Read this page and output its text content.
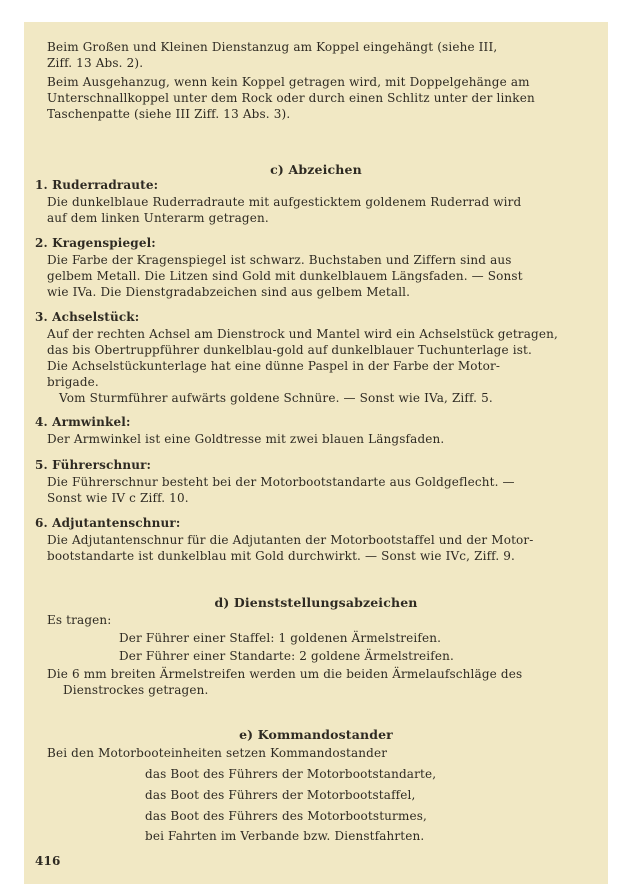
Beim Großen und Kleinen Dienstanzug am Koppel eingehängt (siehe III,
Ziff. 13 Abs. 2).
Beim Ausgehanzug, wenn kein Koppel getragen wird, mit Doppelgehänge am
Unterschnallkoppel unter dem Rock oder durch einen Schlitz unter der linken
Taschenpatte (siehe III Ziff. 13 Abs. 3).
c) Abzeichen
1. Ruderradraute:
Die dunkelblaue Ruderradraute mit aufgesticktem goldenem Ruderrad wird
auf dem linken Unterarm getragen.
2. Kragenspiegel:
Die Farbe der Kragenspiegel ist schwarz. Buchstaben und Ziffern sind aus
gelbem Metall. Die Litzen sind Gold mit dunkelblauem Längsfaden. — Sonst
wie IVa. Die Dienstgradabzeichen sind aus gelbem Metall.
3. Achselstück:
Auf der rechten Achsel am Dienstrock und Mantel wird ein Achselstück getragen,
das bis Obertruppführer dunkelblau-gold auf dunkelblauer Tuchunterlage ist.
Die Achselstückunterlage hat eine dünne Paspel in der Farbe der Motor-
brigade.
Vom Sturmführer aufwärts goldene Schnüre. — Sonst wie IVa, Ziff. 5.
4. Armwinkel:
Der Armwinkel ist eine Goldtresse mit zwei blauen Längsfaden.
5. Führerschnur:
Die Führerschnur besteht bei der Motorbootstandarte aus Goldgeflecht. —
Sonst wie IV c Ziff. 10.
6. Adjutantenschnur:
Die Adjutantenschnur für die Adjutanten der Motorbootstaffel und der Motor-
bootstandarte ist dunkelblau mit Gold durchwirkt. — Sonst wie IVc, Ziff. 9.
d) Dienststellungsabzeichen
Es tragen:
Der Führer einer Staffel: 1 goldenen Ärmelstreifen.
Der Führer einer Standarte: 2 goldene Ärmelstreifen.
Die 6 mm breiten Ärmelstreifen werden um die beiden Ärmelaufschläge des
Dienstrockes getragen.
e) Kommandostander
Bei den Motorbooteinheiten setzen Kommandostander
das Boot des Führers der Motorbootstandarte,
das Boot des Führers der Motorbootstaffel,
das Boot des Führers des Motorbootsturmes,
bei Fahrten im Verbande bzw. Dienstfahrten.
416
